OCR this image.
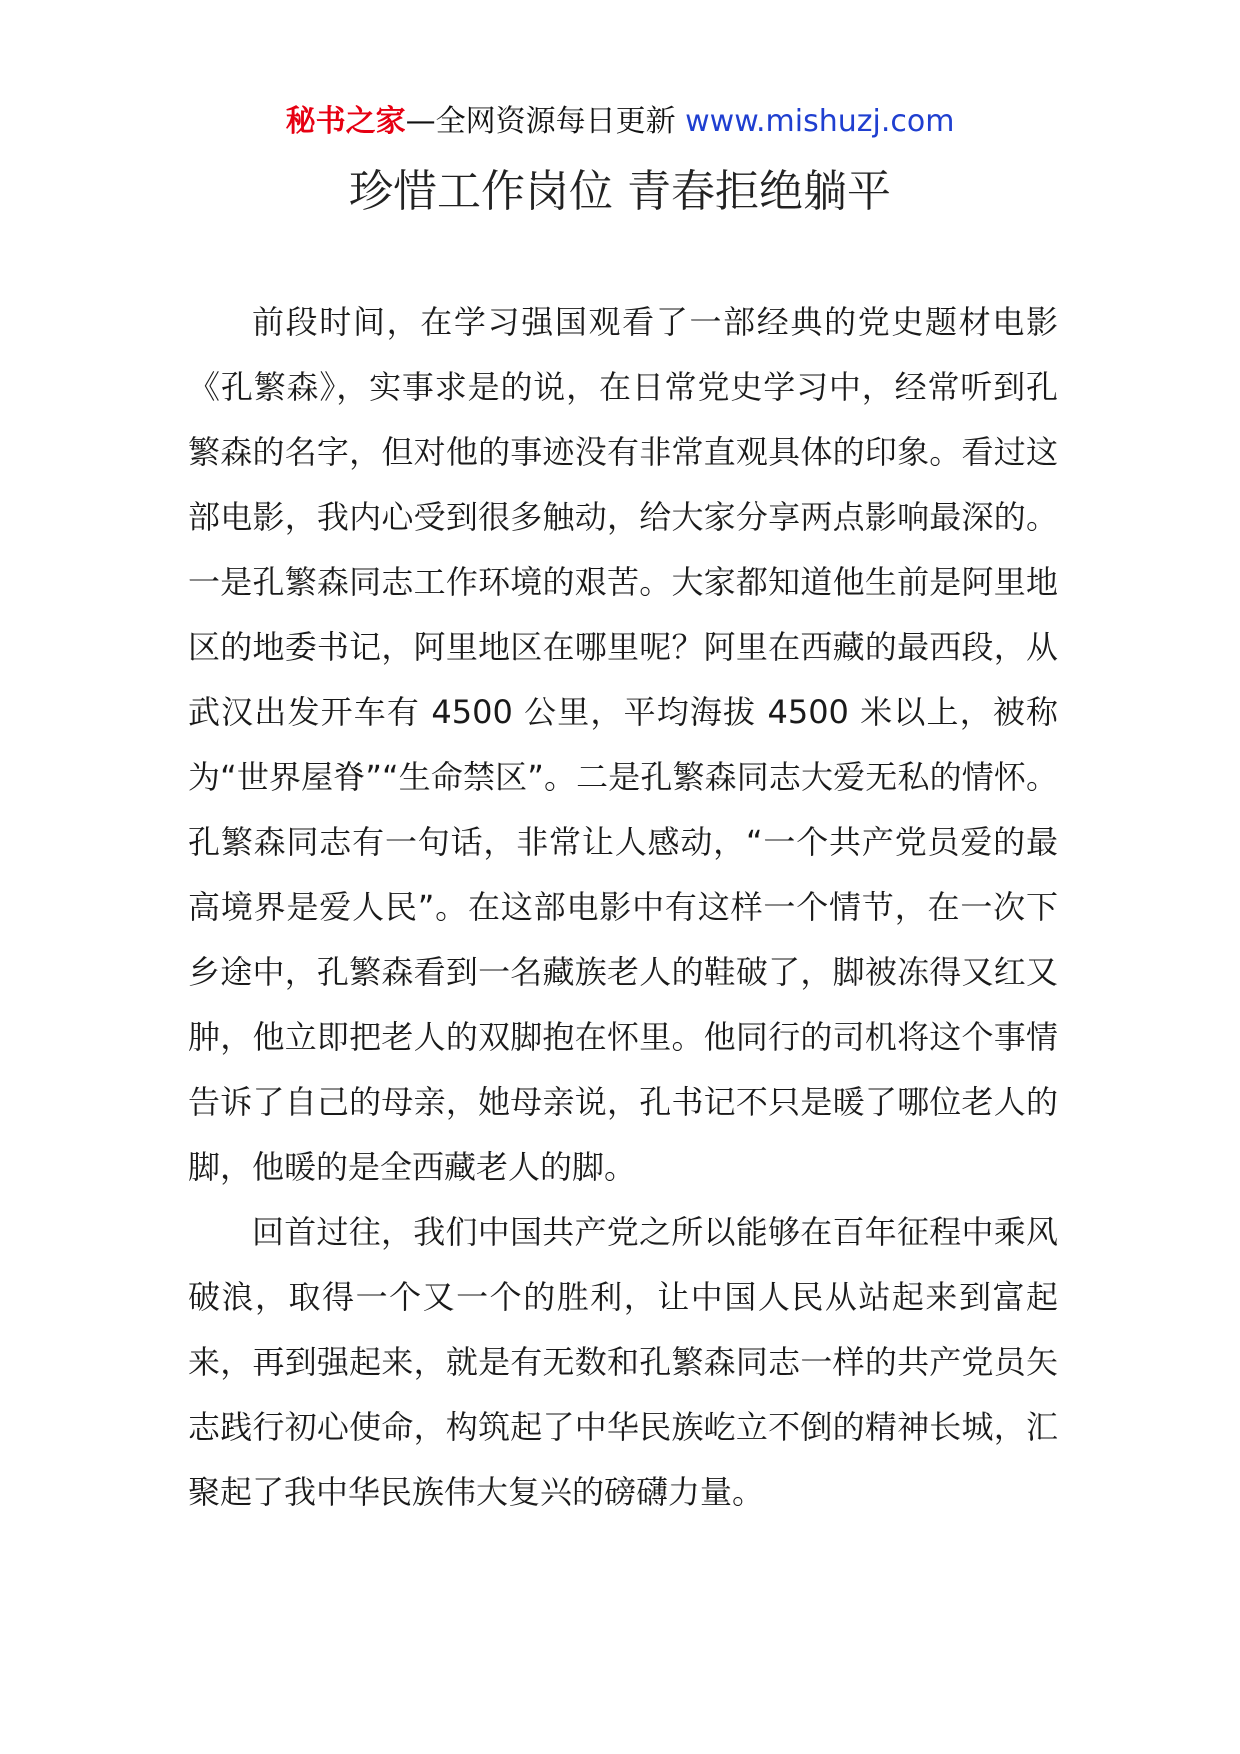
秘书之家—全网资源每日更新 www.mishuzj.com
珍惜工作岗位 青春拒绝躺平

前段时间，在学习强国观看了一部经典的党史题材电影《孔繁森》，实事求是的说，在日常党史学习中，经常听到孔繁森的名字，但对他的事迹没有非常直观具体的印象。看过这部电影，我内心受到很多触动，给大家分享两点影响最深的。一是孔繁森同志工作环境的艰苦。大家都知道他生前是阿里地区的地委书记，阿里地区在哪里呢？阿里在西藏的最西段，从武汉出发开车有 4500 公里，平均海拔 4500 米以上，被称为“世界屋脊”“生命禁区”。二是孔繁森同志大爱无私的情怀。孔繁森同志有一句话，非常让人感动，“一个共产党员爱的最高境界是爱人民”。在这部电影中有这样一个情节，在一次下乡途中，孔繁森看到一名藏族老人的鞋破了，脚被冻得又红又肿，他立即把老人的双脚抱在怀里。他同行的司机将这个事情告诉了自己的母亲，她母亲说，孔书记不只是暖了哪位老人的脚，他暖的是全西藏老人的脚。

回首过往，我们中国共产党之所以能够在百年征程中乘风破浪，取得一个又一个的胜利，让中国人民从站起来到富起来，再到强起来，就是有无数和孔繁森同志一样的共产党员矢志践行初心使命，构筑起了中华民族屹立不倒的精神长城，汇聚起了我中华民族伟大复兴的磅礴力量。
